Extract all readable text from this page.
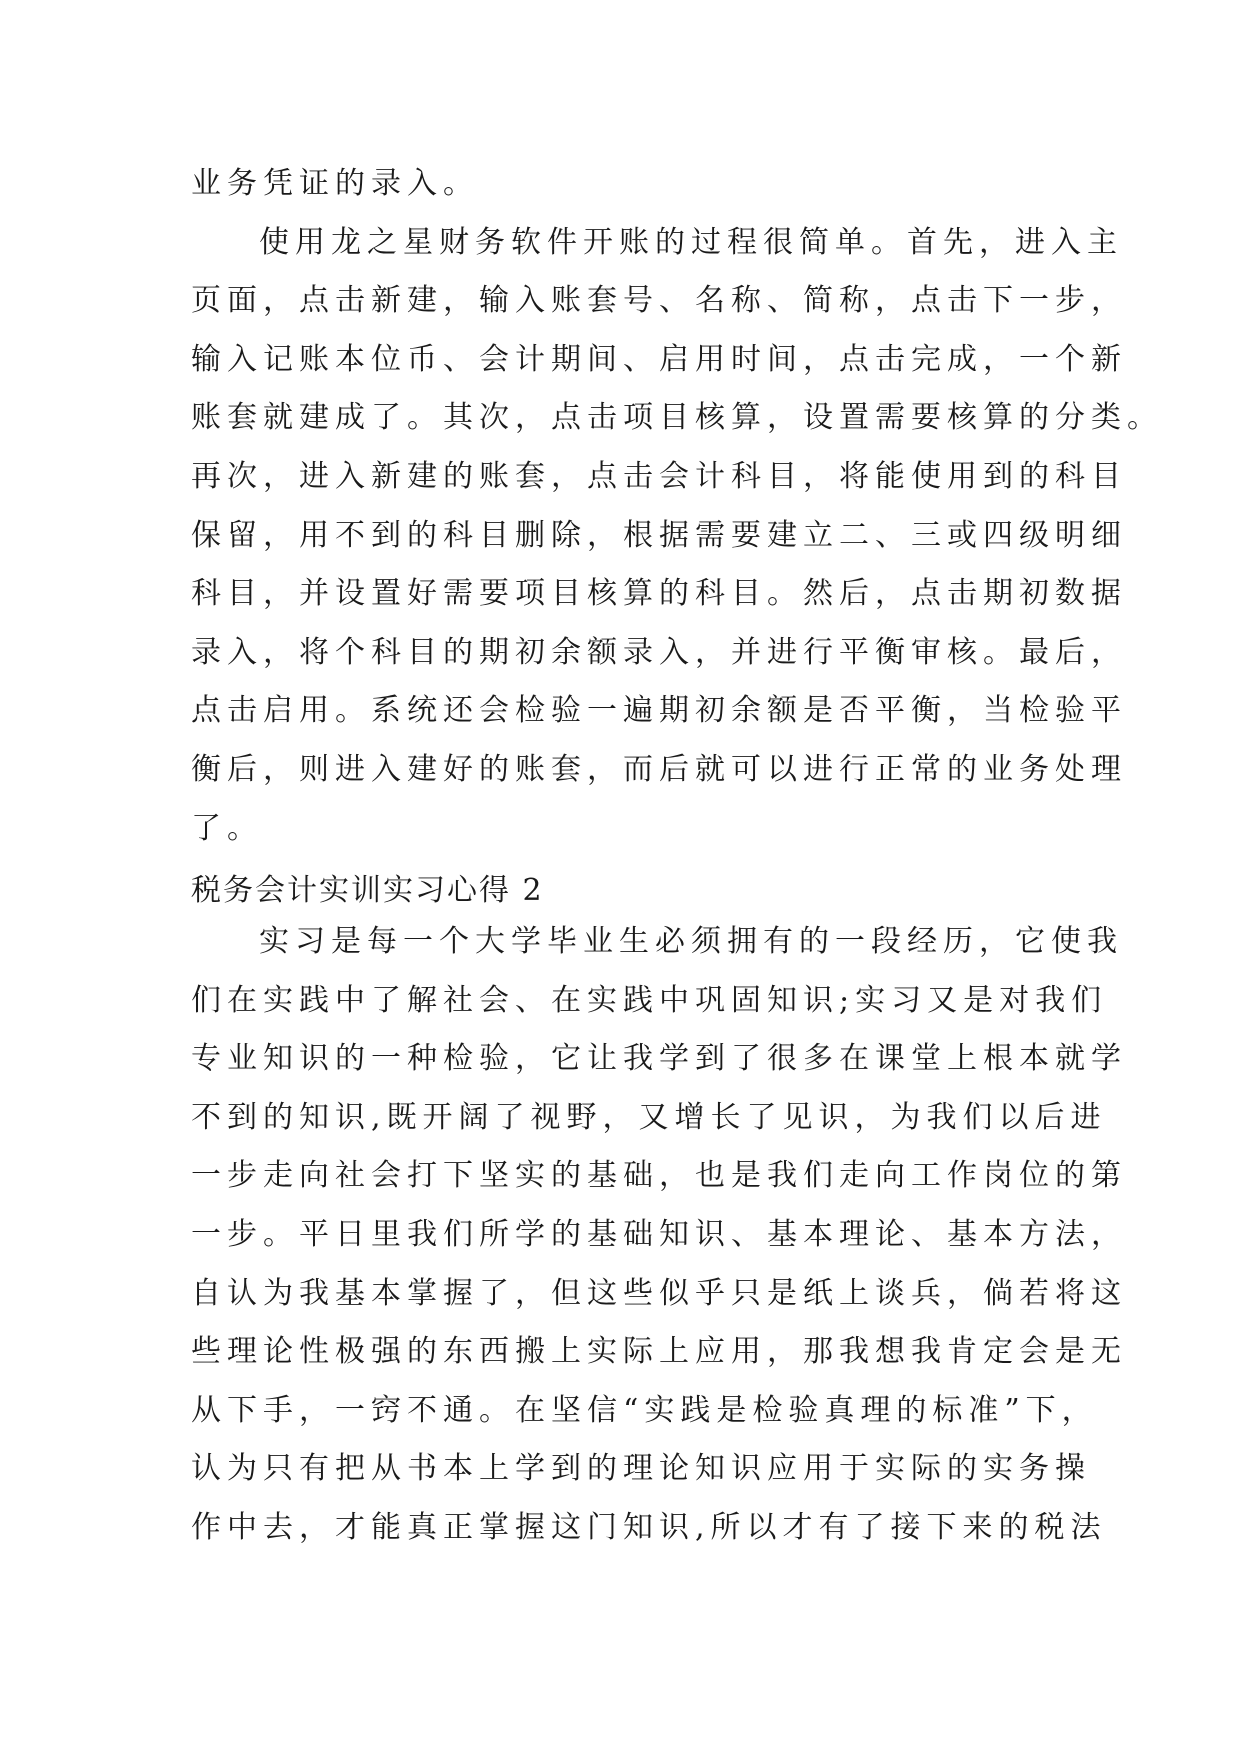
业务凭证的录入。
使用龙之星财务软件开账的过程很简单。首先，进入主
页面，点击新建，输入账套号、名称、简称，点击下一步，
输入记账本位币、会计期间、启用时间，点击完成，一个新
账套就建成了。其次，点击项目核算，设置需要核算的分类。
再次，进入新建的账套，点击会计科目，将能使用到的科目
保留，用不到的科目删除，根据需要建立二、三或四级明细
科目，并设置好需要项目核算的科目。然后，点击期初数据
录入，将个科目的期初余额录入，并进行平衡审核。最后，
点击启用。系统还会检验一遍期初余额是否平衡，当检验平
衡后，则进入建好的账套，而后就可以进行正常的业务处理
了。
税务会计实训实习心得 2
实习是每一个大学毕业生必须拥有的一段经历，它使我
们在实践中了解社会、在实践中巩固知识;实习又是对我们
专业知识的一种检验，它让我学到了很多在课堂上根本就学
不到的知识,既开阔了视野，又增长了见识，为我们以后进
一步走向社会打下坚实的基础，也是我们走向工作岗位的第
一步。平日里我们所学的基础知识、基本理论、基本方法，
自认为我基本掌握了，但这些似乎只是纸上谈兵，倘若将这
些理论性极强的东西搬上实际上应用，那我想我肯定会是无
从下手，一窍不通。在坚信“实践是检验真理的标准”下，
认为只有把从书本上学到的理论知识应用于实际的实务操
作中去，才能真正掌握这门知识,所以才有了接下来的税法
